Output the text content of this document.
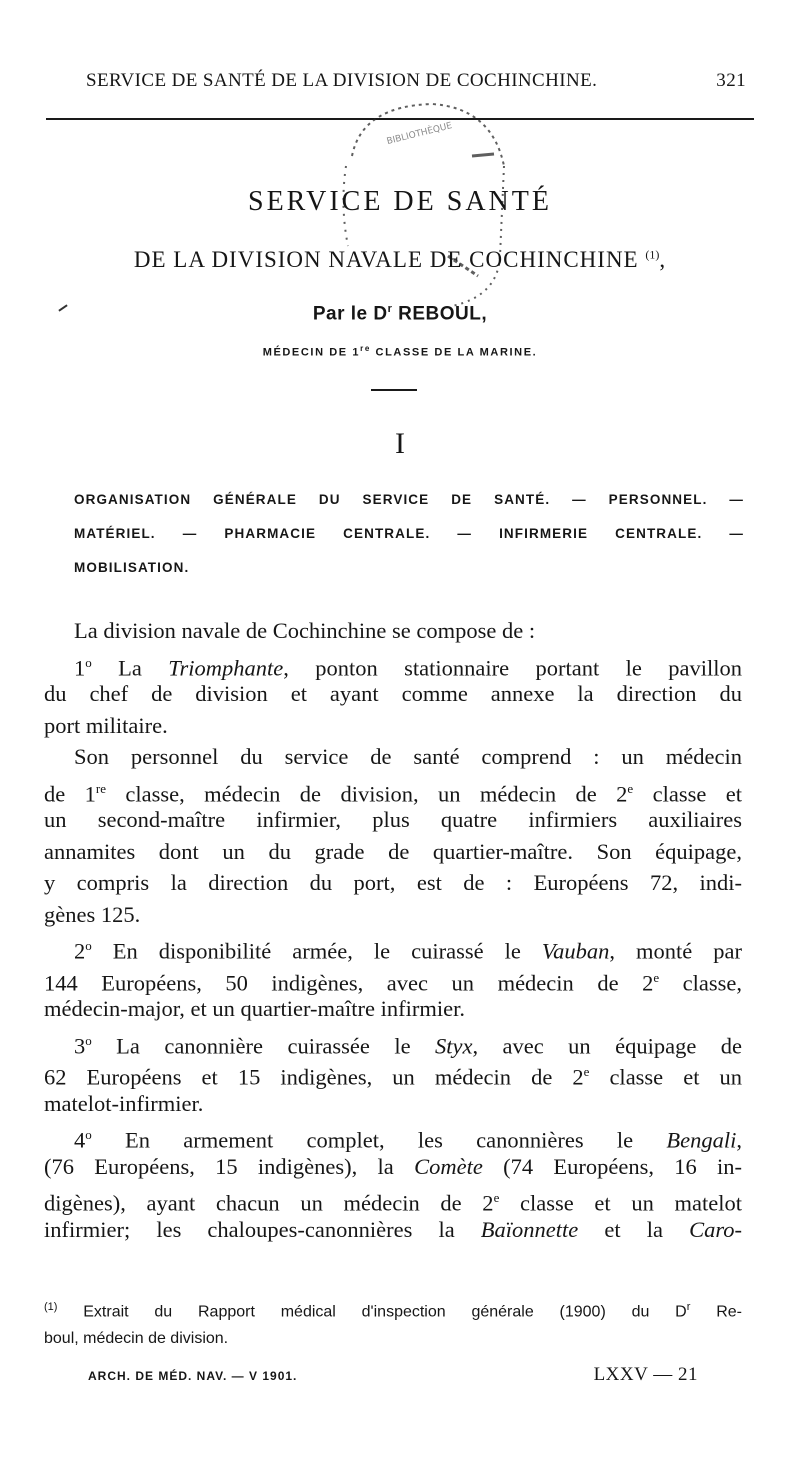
SERVICE DE SANTÉ DE LA DIVISION DE COCHINCHINE.	321
BIBLIOTHÈQUE
SERVICE DE SANTÉ
DE LA DIVISION NAVALE DE COCHINCHINE $^{(1)}$,
Par le $D^r$ REBOUL,
MÉDECIN DE 1re CLASSE DE LA MARINE.
I
ORGANISATION GÉNÉRALE DU SERVICE DE SANTÉ. — PERSONNEL. —
MATÉRIEL. — PHARMACIE CENTRALE. — INFIRMERIE CENTRALE. —
MOBILISATION.
La division navale de Cochinchine se compose de :
1$^o$ La Triomphante, ponton stationnaire portant le pavillon
du chef de division et ayant comme annexe la direction du
port militaire.
Son personnel du service de santé comprend : un médecin
de 1re classe, médecin de division, un médecin de 2e classe et
un second-maître infirmier, plus quatre infirmiers auxiliaires
annamites dont un du grade de quartier-maître. Son équipage,
y compris la direction du port, est de : Européens 72, indi-
gènes 125.
2$^o$ En disponibilité armée, le cuirassé le Vauban, monté par
144 Européens, 50 indigènes, avec un médecin de 2e classe,
médecin-major, et un quartier-maître infirmier.
3$^o$ La canonnière cuirassée le Styx, avec un équipage de
62 Européens et 15 indigènes, un médecin de 2e classe et un
matelot-infirmier.
4$^o$ En armement complet, les canonnières le Bengali,
(76 Européens, 15 indigènes), la Comète (74 Européens, 16 in-
digènes), ayant chacun un médecin de 2e classe et un matelot
infirmier; les chaloupes-canonnières la Baïonnette et la Caro-
$^{(1)}$ Extrait du Rapport médical d'inspection générale (1900) du $D^r$ Re-
boul, médecin de division.
ARCH. DE MÉD. NAV. — V 1901.	LXXV — 21
